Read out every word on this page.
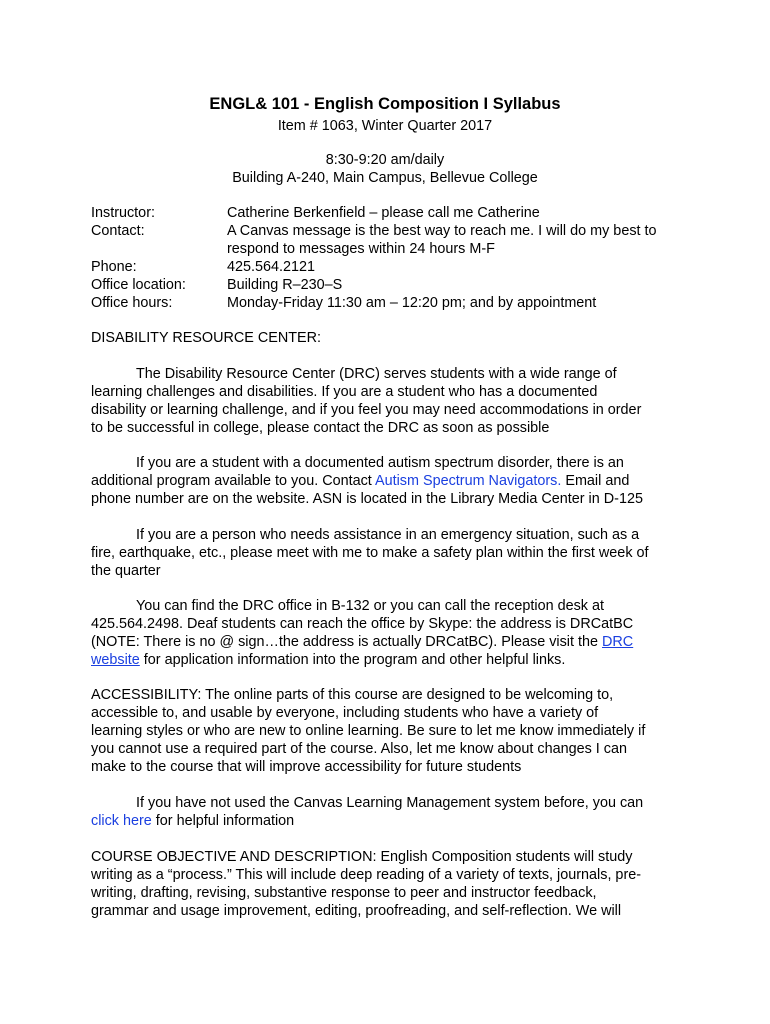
ENGL& 101 - English Composition I Syllabus
Item # 1063, Winter Quarter 2017
8:30-9:20 am/daily
Building A-240, Main Campus, Bellevue College
Instructor:	Catherine Berkenfield – please call me Catherine
Contact:	A Canvas message is the best way to reach me. I will do my best to
respond to messages within 24 hours M-F
Phone:	425.564.2121
Office location:	Building R–230–S
Office hours:	Monday-Friday 11:30 am – 12:20 pm; and by appointment
DISABILITY RESOURCE CENTER:
The Disability Resource Center (DRC) serves students with a wide range of
learning challenges and disabilities. If you are a student who has a documented
disability or learning challenge, and if you feel you may need accommodations in order
to be successful in college, please contact the DRC as soon as possible
If you are a student with a documented autism spectrum disorder, there is an
additional program available to you. Contact Autism Spectrum Navigators. Email and
phone number are on the website. ASN is located in the Library Media Center in D-125
If you are a person who needs assistance in an emergency situation, such as a
fire, earthquake, etc., please meet with me to make a safety plan within the first week of
the quarter
You can find the DRC office in B-132 or you can call the reception desk at
425.564.2498. Deaf students can reach the office by Skype: the address is DRCatBC
(NOTE: There is no @ sign…the address is actually DRCatBC). Please visit the DRC
website for application information into the program and other helpful links.
ACCESSIBILITY: The online parts of this course are designed to be welcoming to,
accessible to, and usable by everyone, including students who have a variety of
learning styles or who are new to online learning. Be sure to let me know immediately if
you cannot use a required part of the course. Also, let me know about changes I can
make to the course that will improve accessibility for future students
If you have not used the Canvas Learning Management system before, you can
click here for helpful information
COURSE OBJECTIVE AND DESCRIPTION: English Composition students will study
writing as a “process.” This will include deep reading of a variety of texts, journals, pre-
writing, drafting, revising, substantive response to peer and instructor feedback,
grammar and usage improvement, editing, proofreading, and self-reflection. We will
